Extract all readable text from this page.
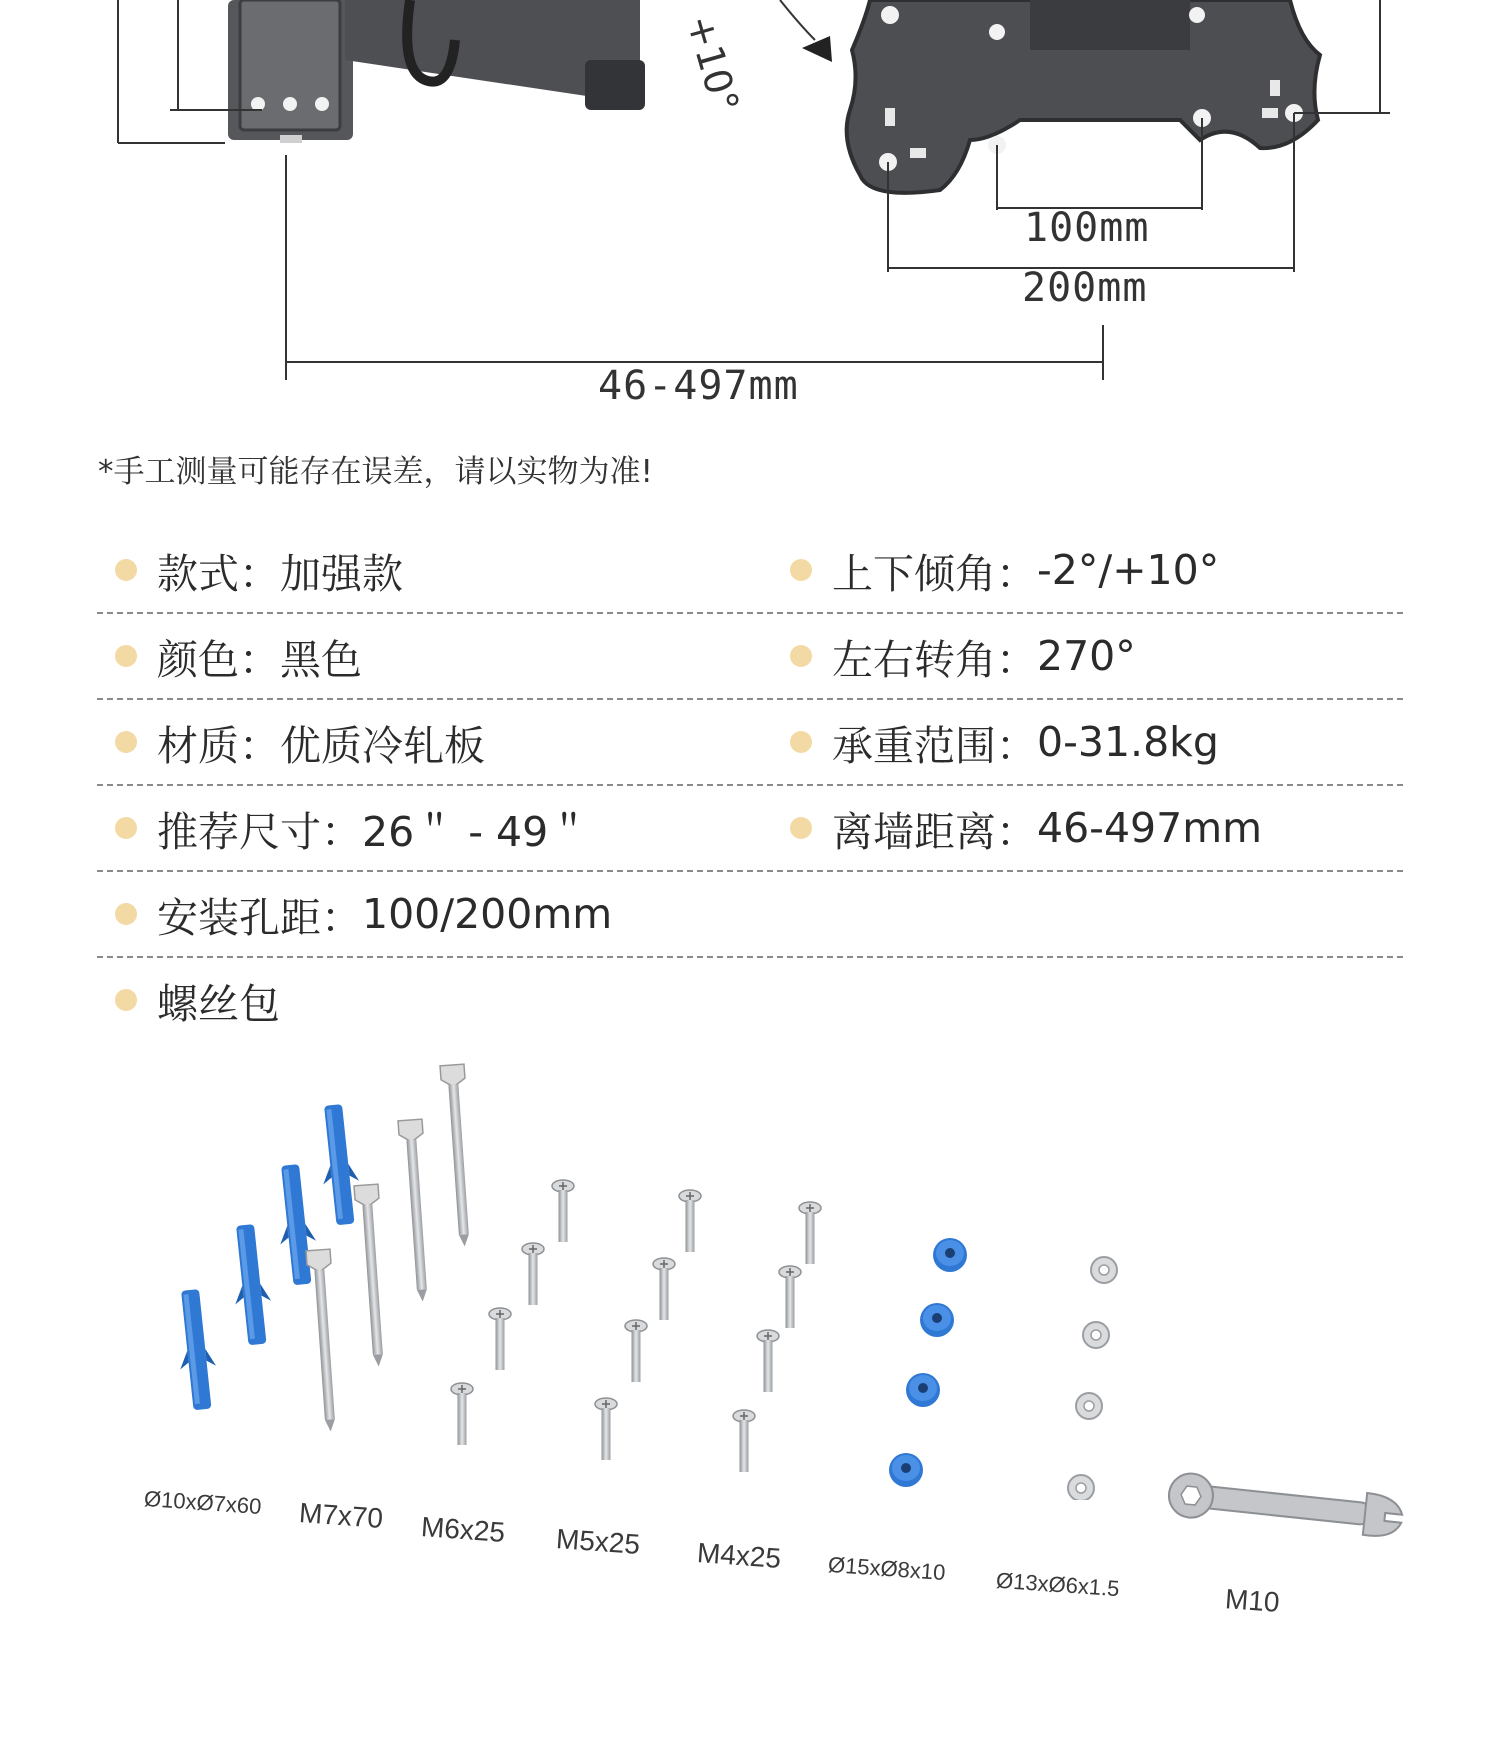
+10°
100mm
200mm
46-497mm
*手工测量可能存在误差，请以实物为准!
款式： 加强款	上下倾角： -2°/+10°
颜色： 黑色	左右转角： 270°
材质： 优质冷轧板	承重范围： 0-31.8kg
推荐尺寸： 26＂ - 49＂	离墙距离： 46-497mm
安装孔距： 100/200mm
螺丝包
Ø10xØ7x60 M7x70 M6x25 M5x25 M4x25 Ø15xØ8x10 Ø13xØ6x1.5	M10
